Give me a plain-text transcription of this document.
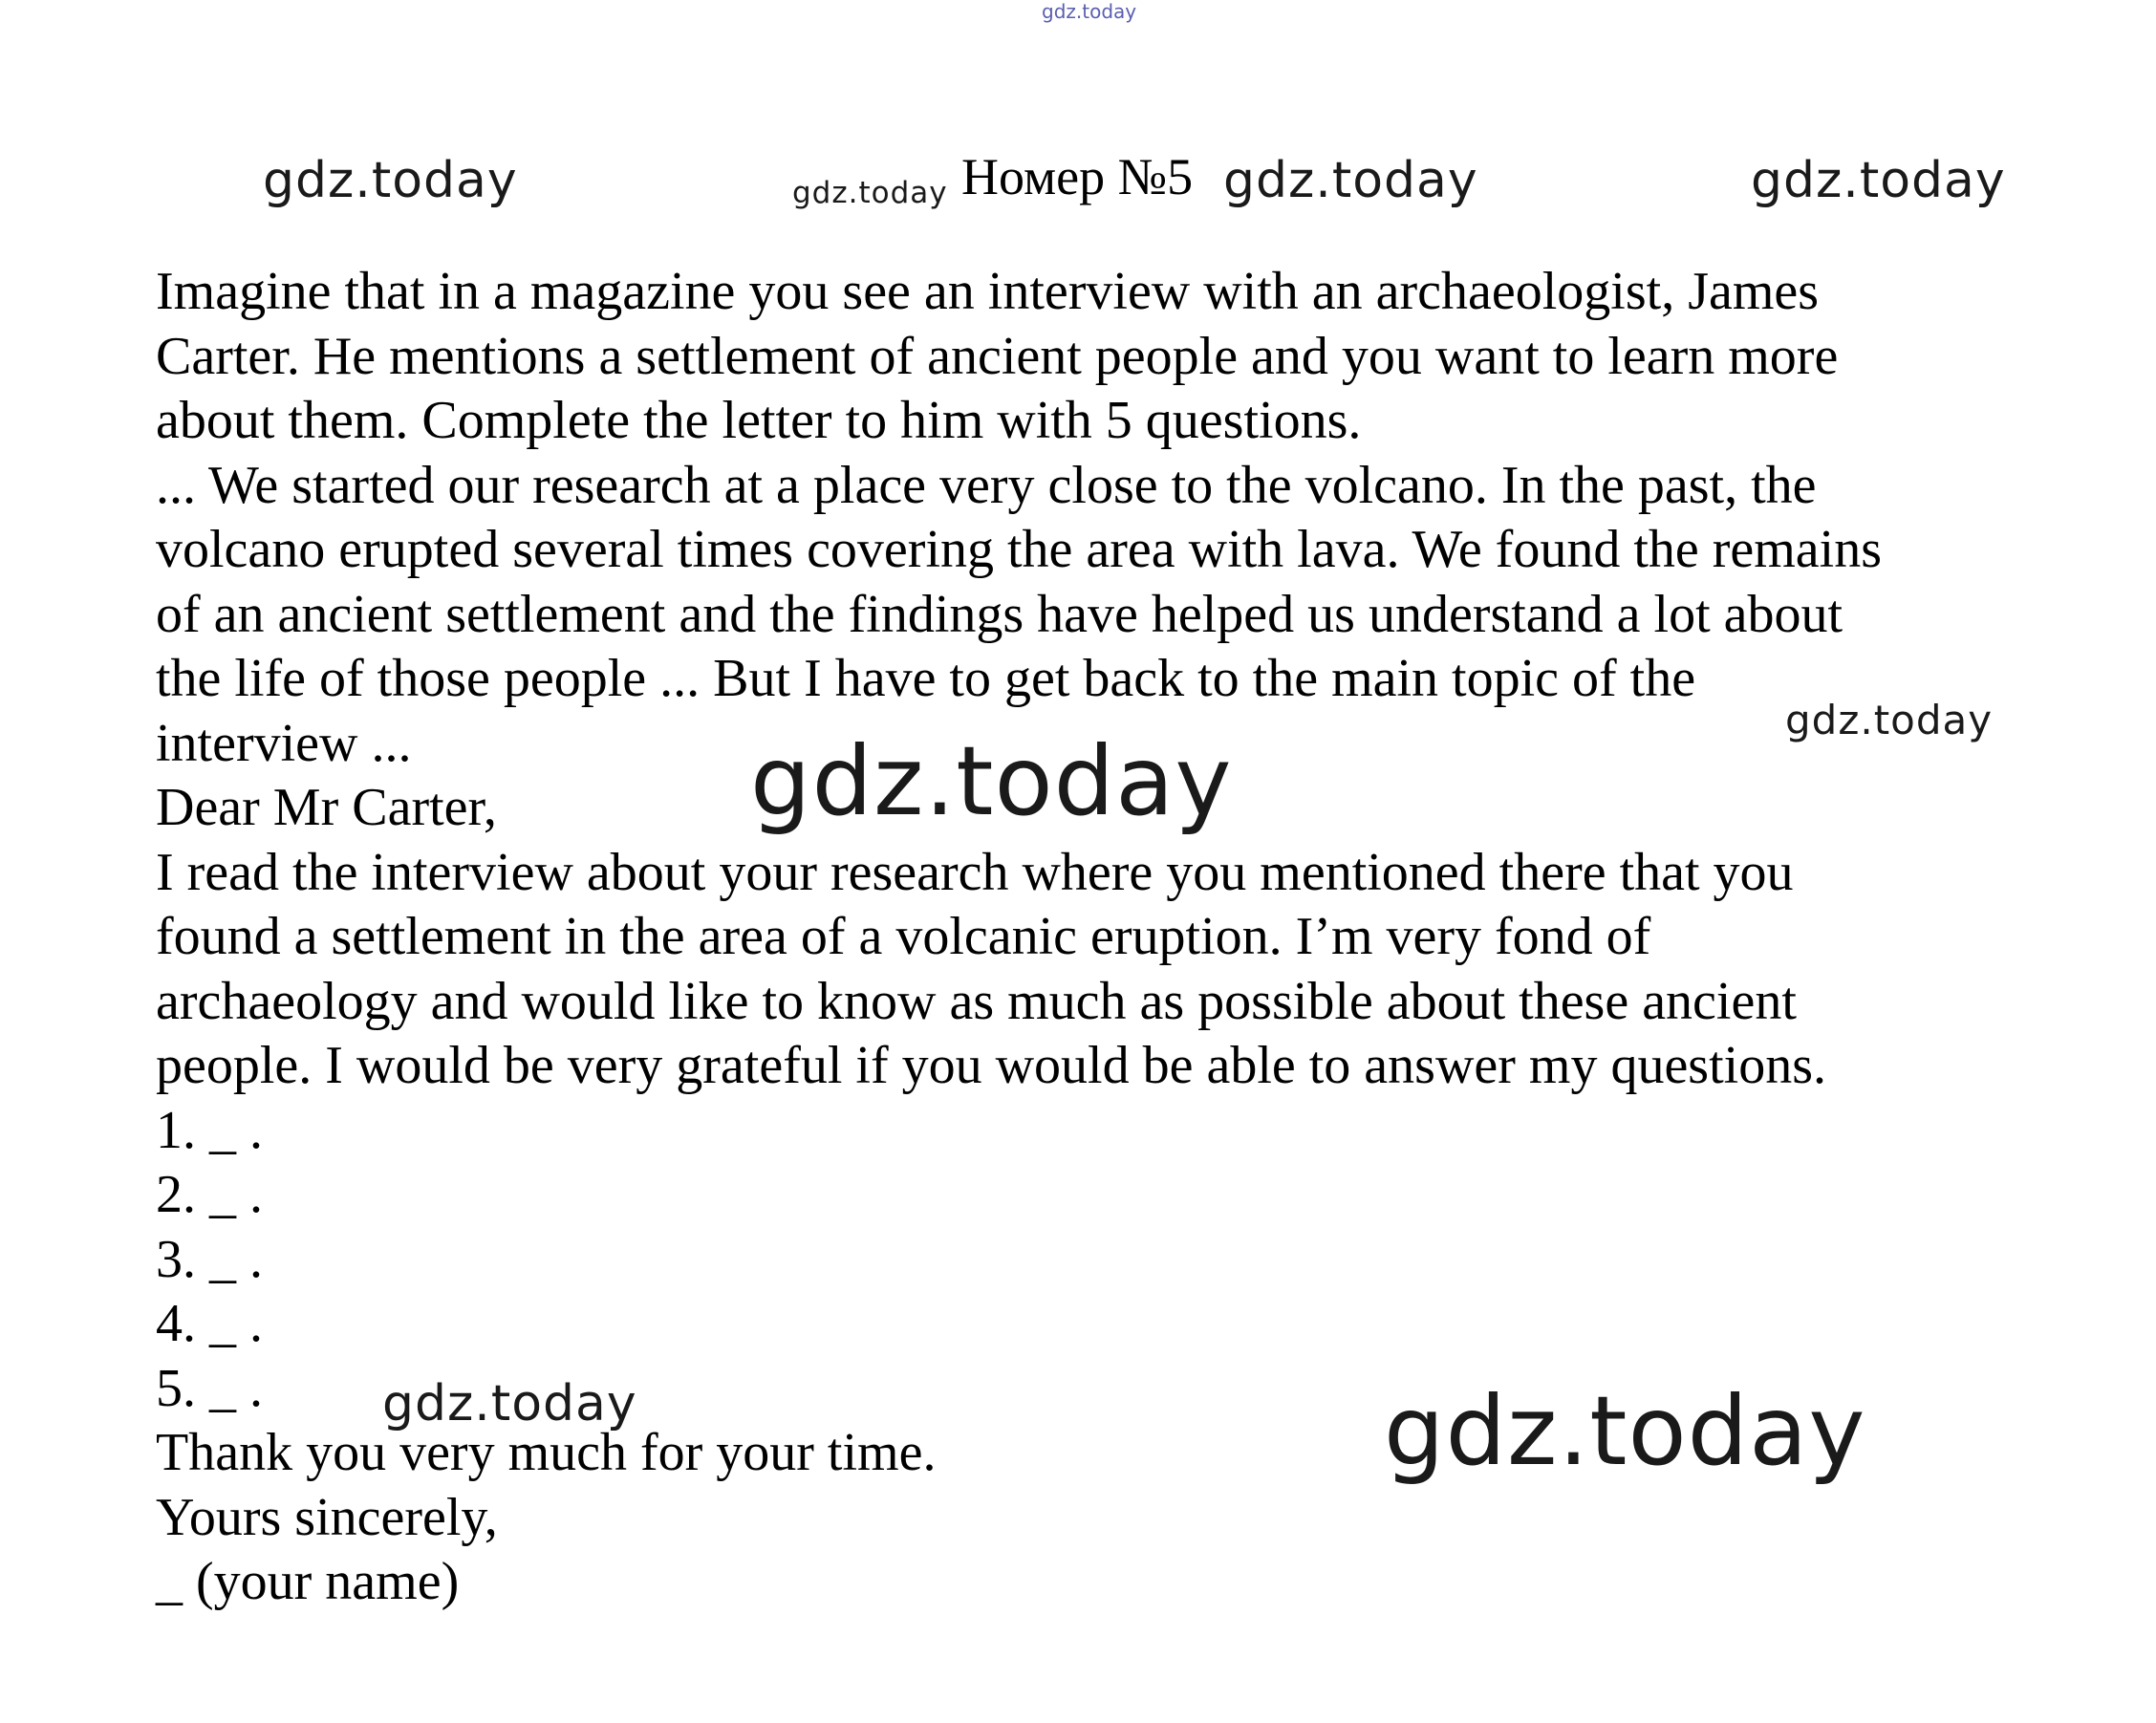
gdz.today
gdz.today	gdz.today	gdz.today	gdz.today
Номер №5
Imagine that in a magazine you see an interview with an archaeologist, James
Carter. He mentions a settlement of ancient people and you want to learn more
about them. Complete the letter to him with 5 questions.
... We started our research at a place very close to the volcano. In the past, the
volcano erupted several times covering the area with lava. We found the remains
of an ancient settlement and the findings have helped us understand a lot about
the life of those people ... But I have to get back to the main topic of the
interview ...
Dear Mr Carter,
I read the interview about your research where you mentioned there that you
found a settlement in the area of a volcanic eruption. I’m very fond of
archaeology and would like to know as much as possible about these ancient
people. I would be very grateful if you would be able to answer my questions.
1. _ .
2. _ .
3. _ .
4. _ .
5. _ .
Thank you very much for your time.
Yours sincerely,
_ (your name)
gdz.today
gdz.today
gdz.today	gdz.today
